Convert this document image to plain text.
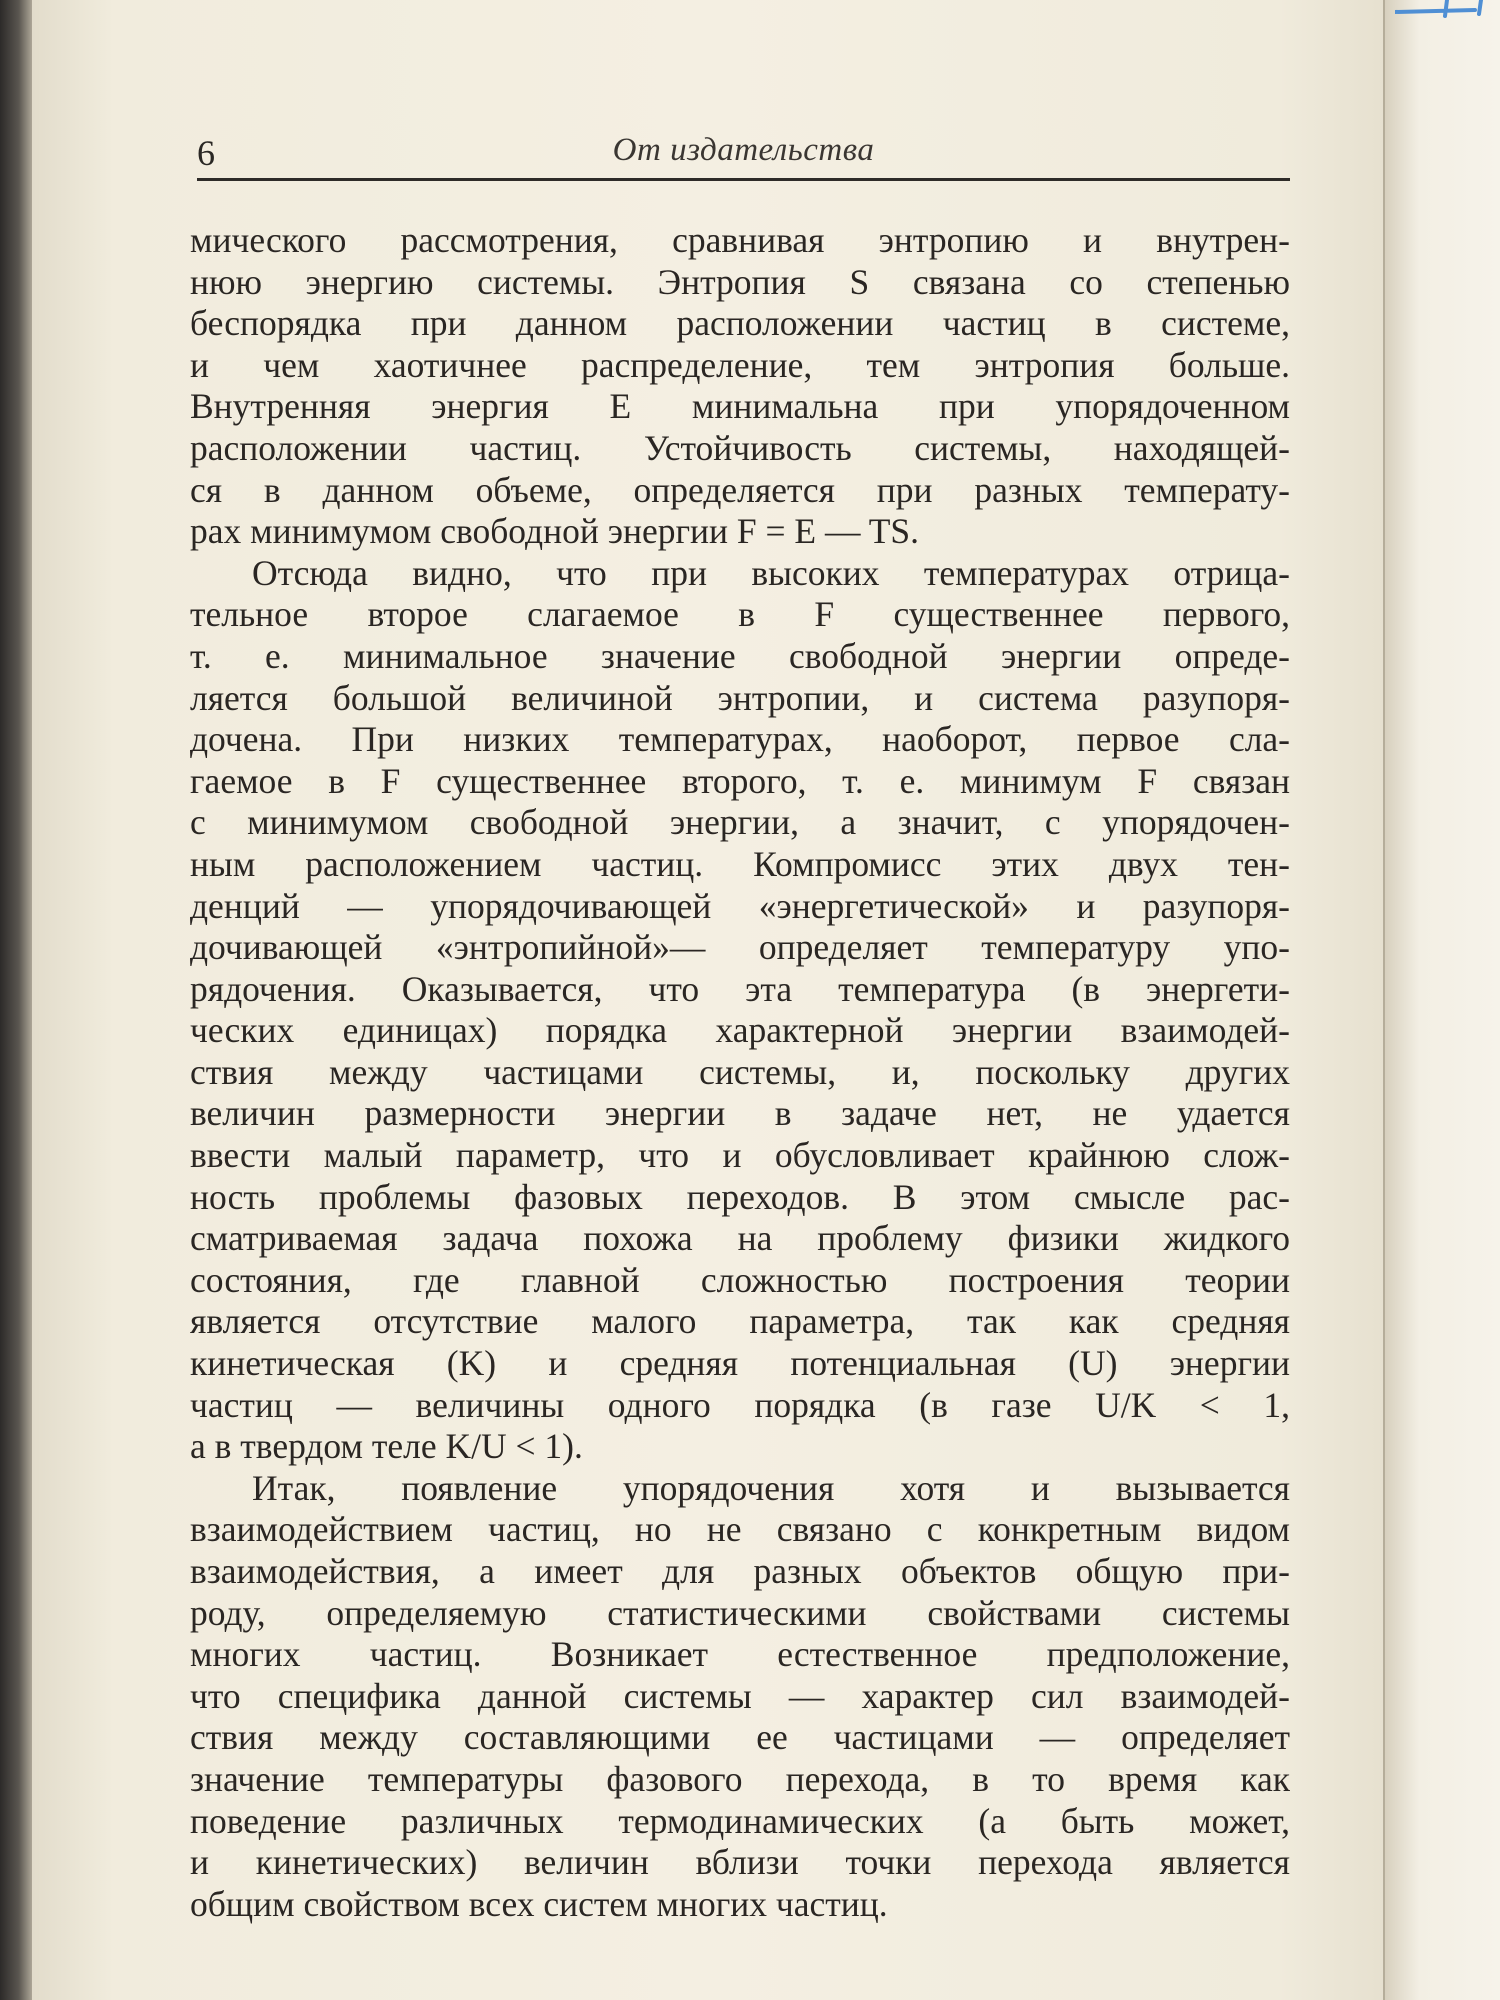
6	От издательства
мического рассмотрения, сравнивая энтропию и внутрен-
нюю энергию системы. Энтропия S связана со степенью
беспорядка при данном расположении частиц в системе,
и чем хаотичнее распределение, тем энтропия больше.
Внутренняя энергия E минимальна при упорядоченном
расположении частиц. Устойчивость системы, находящей-
ся в данном объеме, определяется при разных температу-
рах минимумом свободной энергии F = E — TS.
Отсюда видно, что при высоких температурах отрица-
тельное второе слагаемое в F существеннее первого,
т. е. минимальное значение свободной энергии опреде-
ляется большой величиной энтропии, и система разупоря-
дочена. При низких температурах, наоборот, первое сла-
гаемое в F существеннее второго, т. е. минимум F связан
с минимумом свободной энергии, а значит, с упорядочен-
ным расположением частиц. Компромисс этих двух тен-
денций — упорядочивающей «энергетической» и разупоря-
дочивающей «энтропийной»— определяет температуру упо-
рядочения. Оказывается, что эта температура (в энергети-
ческих единицах) порядка характерной энергии взаимодей-
ствия между частицами системы, и, поскольку других
величин размерности энергии в задаче нет, не удается
ввести малый параметр, что и обусловливает крайнюю слож-
ность проблемы фазовых переходов. В этом смысле рас-
сматриваемая задача похожа на проблему физики жидкого
состояния, где главной сложностью построения теории
является отсутствие малого параметра, так как средняя
кинетическая (K) и средняя потенциальная (U) энергии
частиц — величины одного порядка (в газе U/K < 1,
а в твердом теле K/U < 1).
Итак, появление упорядочения хотя и вызывается
взаимодействием частиц, но не связано с конкретным видом
взаимодействия, а имеет для разных объектов общую при-
роду, определяемую статистическими свойствами системы
многих частиц. Возникает естественное предположение,
что специфика данной системы — характер сил взаимодей-
ствия между составляющими ее частицами — определяет
значение температуры фазового перехода, в то время как
поведение различных термодинамических (а быть может,
и кинетических) величин вблизи точки перехода является
общим свойством всех систем многих частиц.
